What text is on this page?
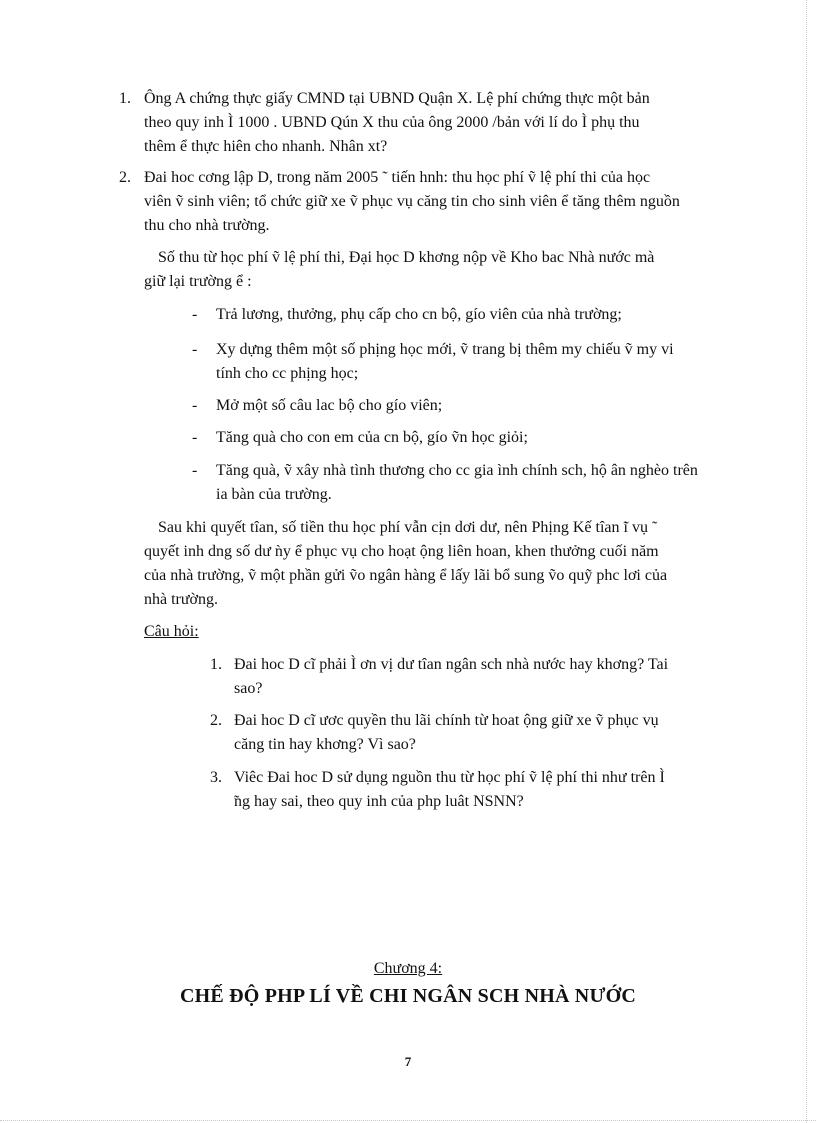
1. Ông A chứng thực giấy CMND tại UBND Quận X. Lệ phí chứng thực một bản
theo quy inh Ì 1000 . UBND Qún X thu của ông 2000 /bản với lí do Ì phụ thu
thêm ể thực hiên cho nhanh. Nhân xt?
2. Đai hoc cơng lập D, trong năm 2005 ˜ tiến hnh: thu học phí ṽ lệ phí thi của học
viên ṽ sinh viên; tổ chức giữ xe ṽ phục vụ căng tin cho sinh viên ể tăng thêm nguồn
thu cho nhà trường.
Số thu từ học phí ṽ lệ phí thi, Đại học D khơng nộp về Kho bac Nhà nước mà
giữ lại trường ể :
- Trả lương, thưởng, phụ cấp cho cn bộ, gío viên của nhà trường;
- Xy dựng thêm một số phịng học mới, ṽ trang bị thêm my chiếu ṽ my vi
tính cho cc phịng học;
- Mở một số câu lac bộ cho gío viên;
- Tăng quà cho con em của cn bộ, gío ṽn học giỏi;
- Tăng quà, ṽ xây nhà tình thương cho cc gia ình chính sch, hộ ân nghèo trên
ia bàn của trường.
Sau khi quyết tîan, số tiền thu học phí vẫn cịn dơi dư, nên Phịng Kế tîan ̃i vụ ˜
quyết inh dng số dư ǹy ể phục vụ cho hoạt ộng liên hoan, khen thưởng cuối năm
của nhà trường, ṽ một phần gửi ṽo ngân hàng ể lấy lãi bổ sung ṽo quỹ phc lơi của
nhà trường.
Câu hỏi:
1. Đai hoc D cĩ phải Ì ơn vị dư tîan ngân sch nhà nước hay khơng? Tai
sao?
2. Đai hoc D cĩ ươc quyền thu lãi chính từ hoat ộng giữ xe ṽ phục vụ
căng tin hay khơng? Vì sao?
3. Viêc Đai hoc D sử dụng nguồn thu từ học phí ṽ lệ phí thi như trên Ì
̃ng hay sai, theo quy inh của php luât NSNN?
Chương 4:
CHẾ ĐỘ PHP LÍ VỀ CHI NGÂN SCH NHÀ NƯỚC
7
